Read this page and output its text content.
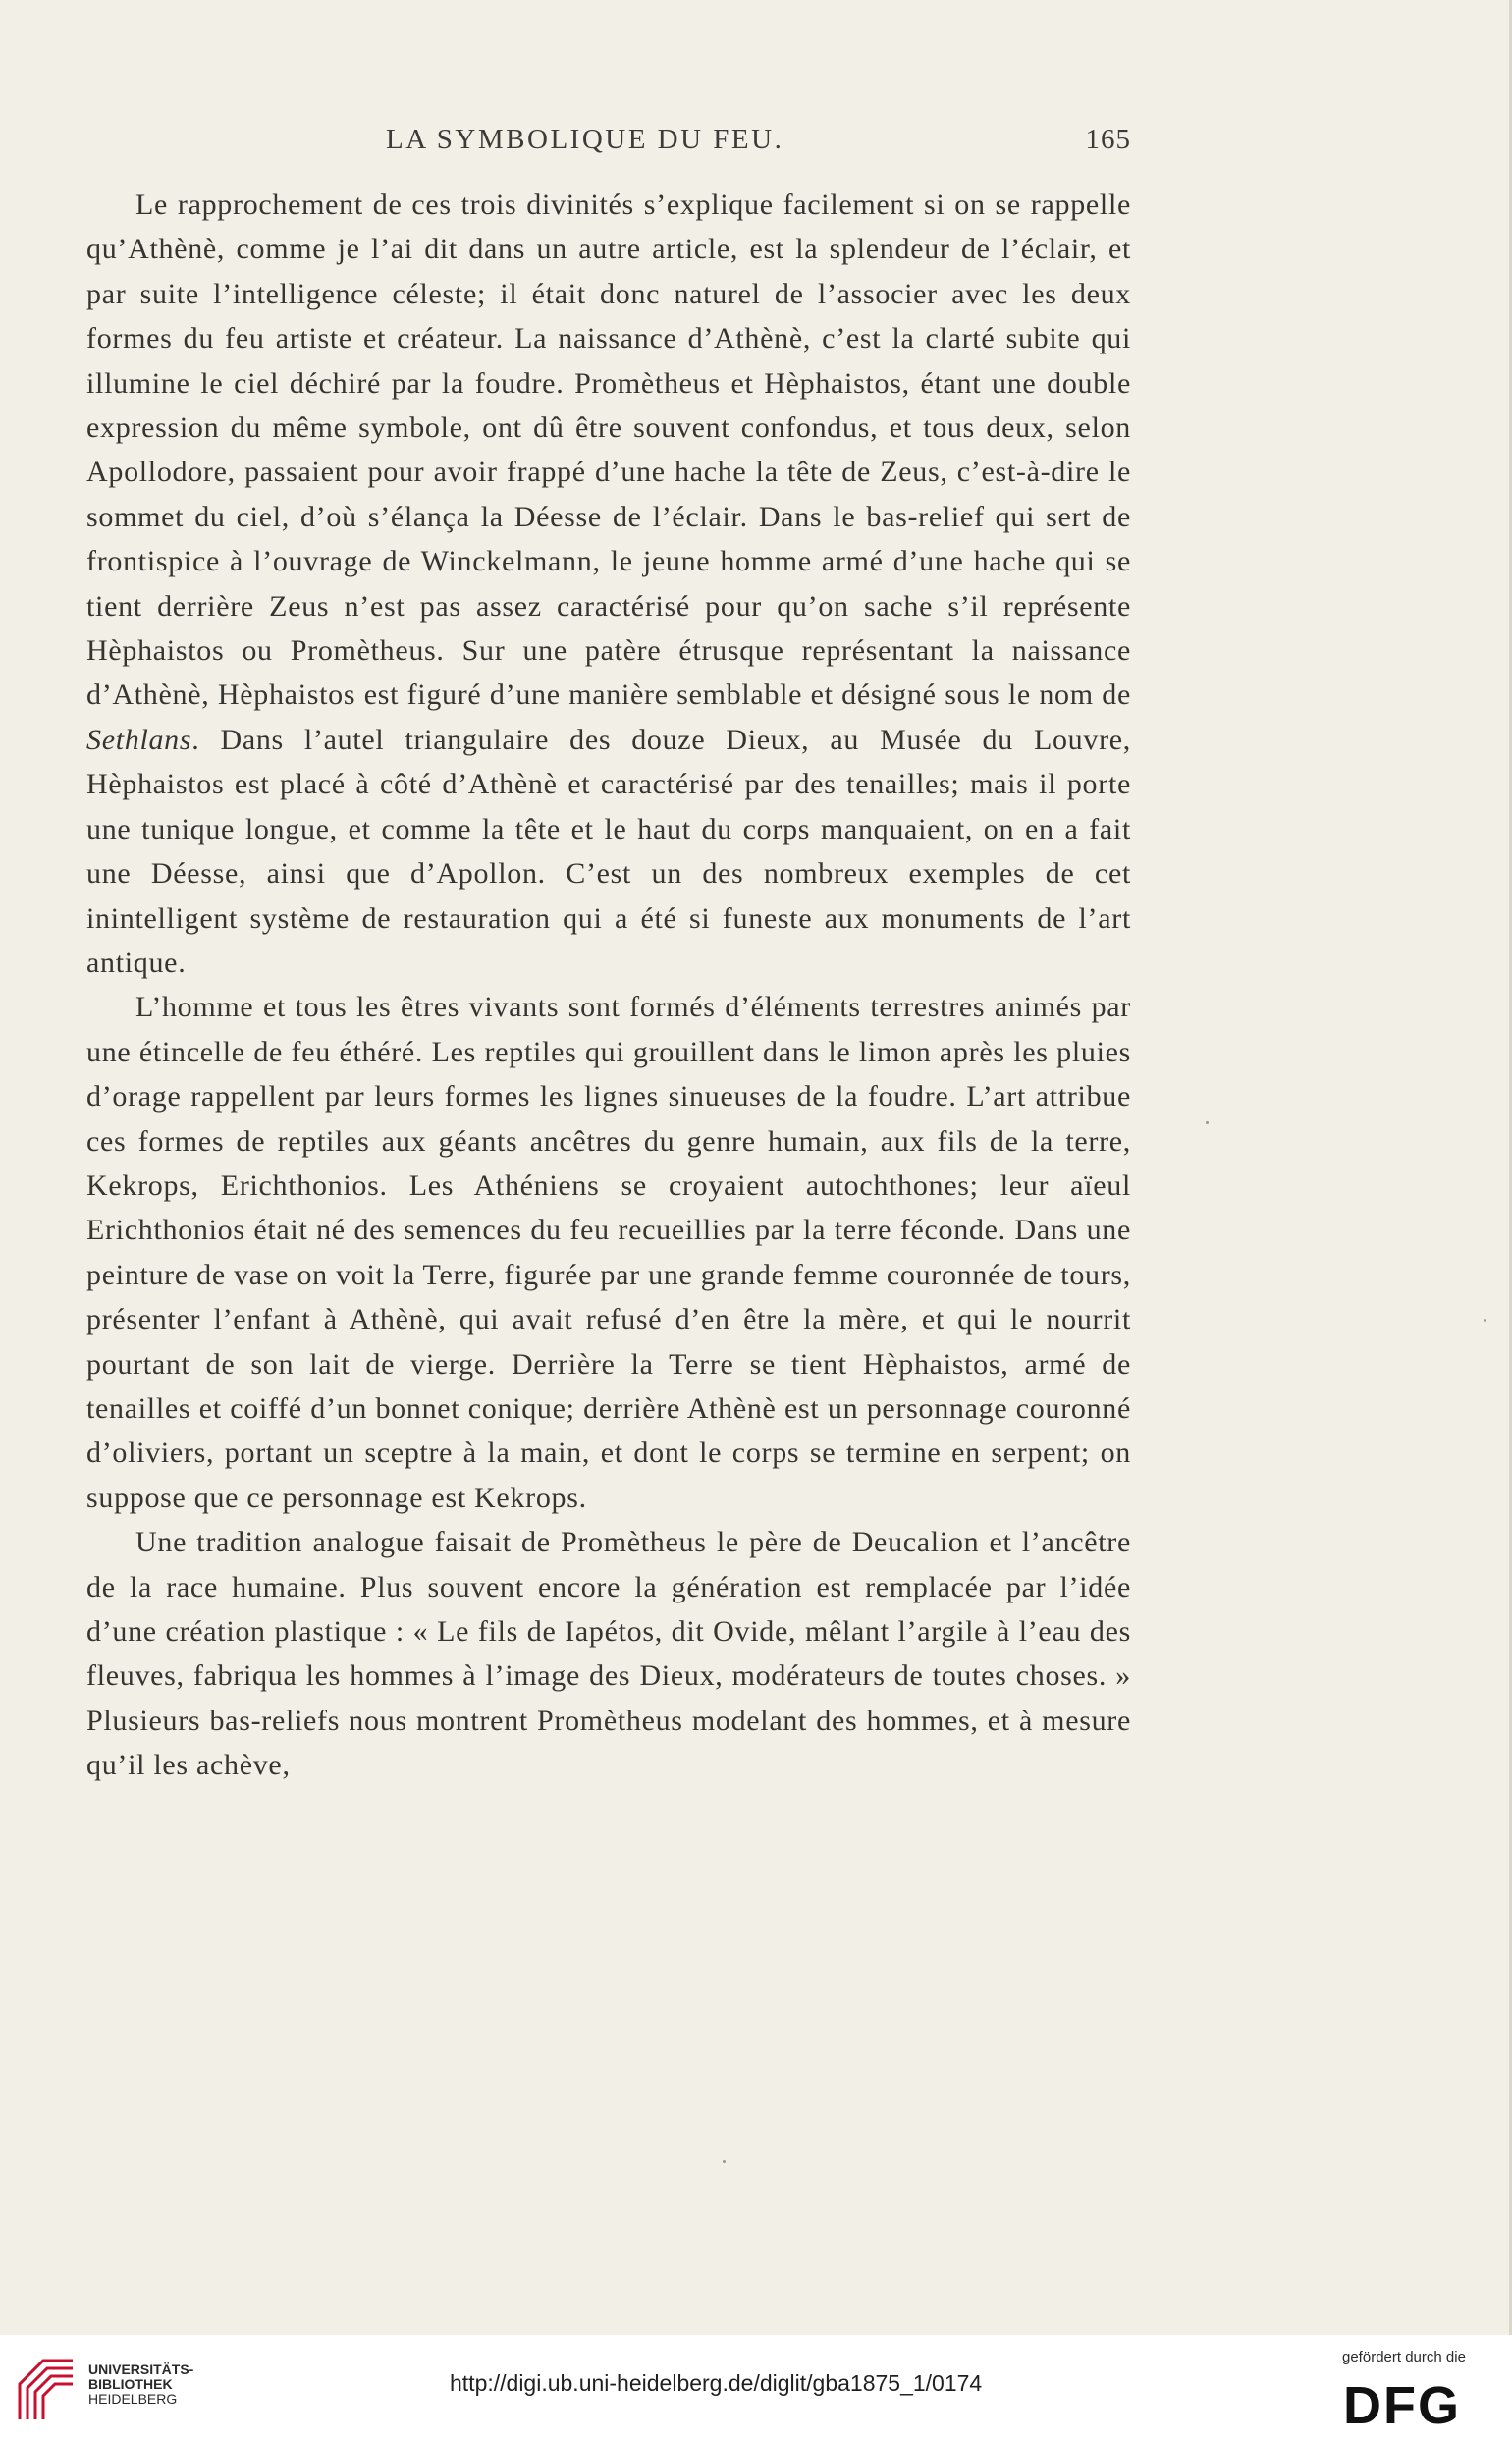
LA SYMBOLIQUE DU FEU.	165

Le rapprochement de ces trois divinités s’explique facilement si on se rappelle qu’Athènè, comme je l’ai dit dans un autre article, est la splendeur de l’éclair, et par suite l’intelligence céleste; il était donc naturel de l’associer avec les deux formes du feu artiste et créateur. La naissance d’Athènè, c’est la clarté subite qui illumine le ciel déchiré par la foudre. Promètheus et Hèphaistos, étant une double expression du même symbole, ont dû être souvent confondus, et tous deux, selon Apollodore, passaient pour avoir frappé d’une hache la tête de Zeus, c’est-à-dire le sommet du ciel, d’où s’élança la Déesse de l’éclair. Dans le bas-relief qui sert de frontispice à l’ouvrage de Winckelmann, le jeune homme armé d’une hache qui se tient derrière Zeus n’est pas assez caractérisé pour qu’on sache s’il représente Hèphaistos ou Promètheus. Sur une patère étrusque représentant la naissance d’Athènè, Hèphaistos est figuré d’une manière semblable et désigné sous le nom de Sethlans. Dans l’autel triangulaire des douze Dieux, au Musée du Louvre, Hèphaistos est placé à côté d’Athènè et caractérisé par des tenailles; mais il porte une tunique longue, et comme la tête et le haut du corps manquaient, on en a fait une Déesse, ainsi que d’Apollon. C’est un des nombreux exemples de cet inintelligent système de restauration qui a été si funeste aux monuments de l’art antique.

L’homme et tous les êtres vivants sont formés d’éléments terrestres animés par une étincelle de feu éthéré. Les reptiles qui grouillent dans le limon après les pluies d’orage rappellent par leurs formes les lignes sinueuses de la foudre. L’art attribue ces formes de reptiles aux géants ancêtres du genre humain, aux fils de la terre, Kekrops, Erichthonios. Les Athéniens se croyaient autochthones; leur aïeul Erichthonios était né des semences du feu recueillies par la terre féconde. Dans une peinture de vase on voit la Terre, figurée par une grande femme couronnée de tours, présenter l’enfant à Athènè, qui avait refusé d’en être la mère, et qui le nourrit pourtant de son lait de vierge. Derrière la Terre se tient Hèphaistos, armé de tenailles et coiffé d’un bonnet conique; derrière Athènè est un personnage couronné d’oliviers, portant un sceptre à la main, et dont le corps se termine en serpent; on suppose que ce personnage est Kekrops.

Une tradition analogue faisait de Promètheus le père de Deucalion et l’ancêtre de la race humaine. Plus souvent encore la génération est remplacée par l’idée d’une création plastique : « Le fils de Iapétos, dit Ovide, mêlant l’argile à l’eau des fleuves, fabriqua les hommes à l’image des Dieux, modérateurs de toutes choses. » Plusieurs bas-reliefs nous montrent Promètheus modelant des hommes, et à mesure qu’il les achève,

UNIVERSITÄTS-
BIBLIOTHEK
HEIDELBERG
http://digi.ub.uni-heidelberg.de/diglit/gba1875_1/0174
gefördert durch die
DFG
